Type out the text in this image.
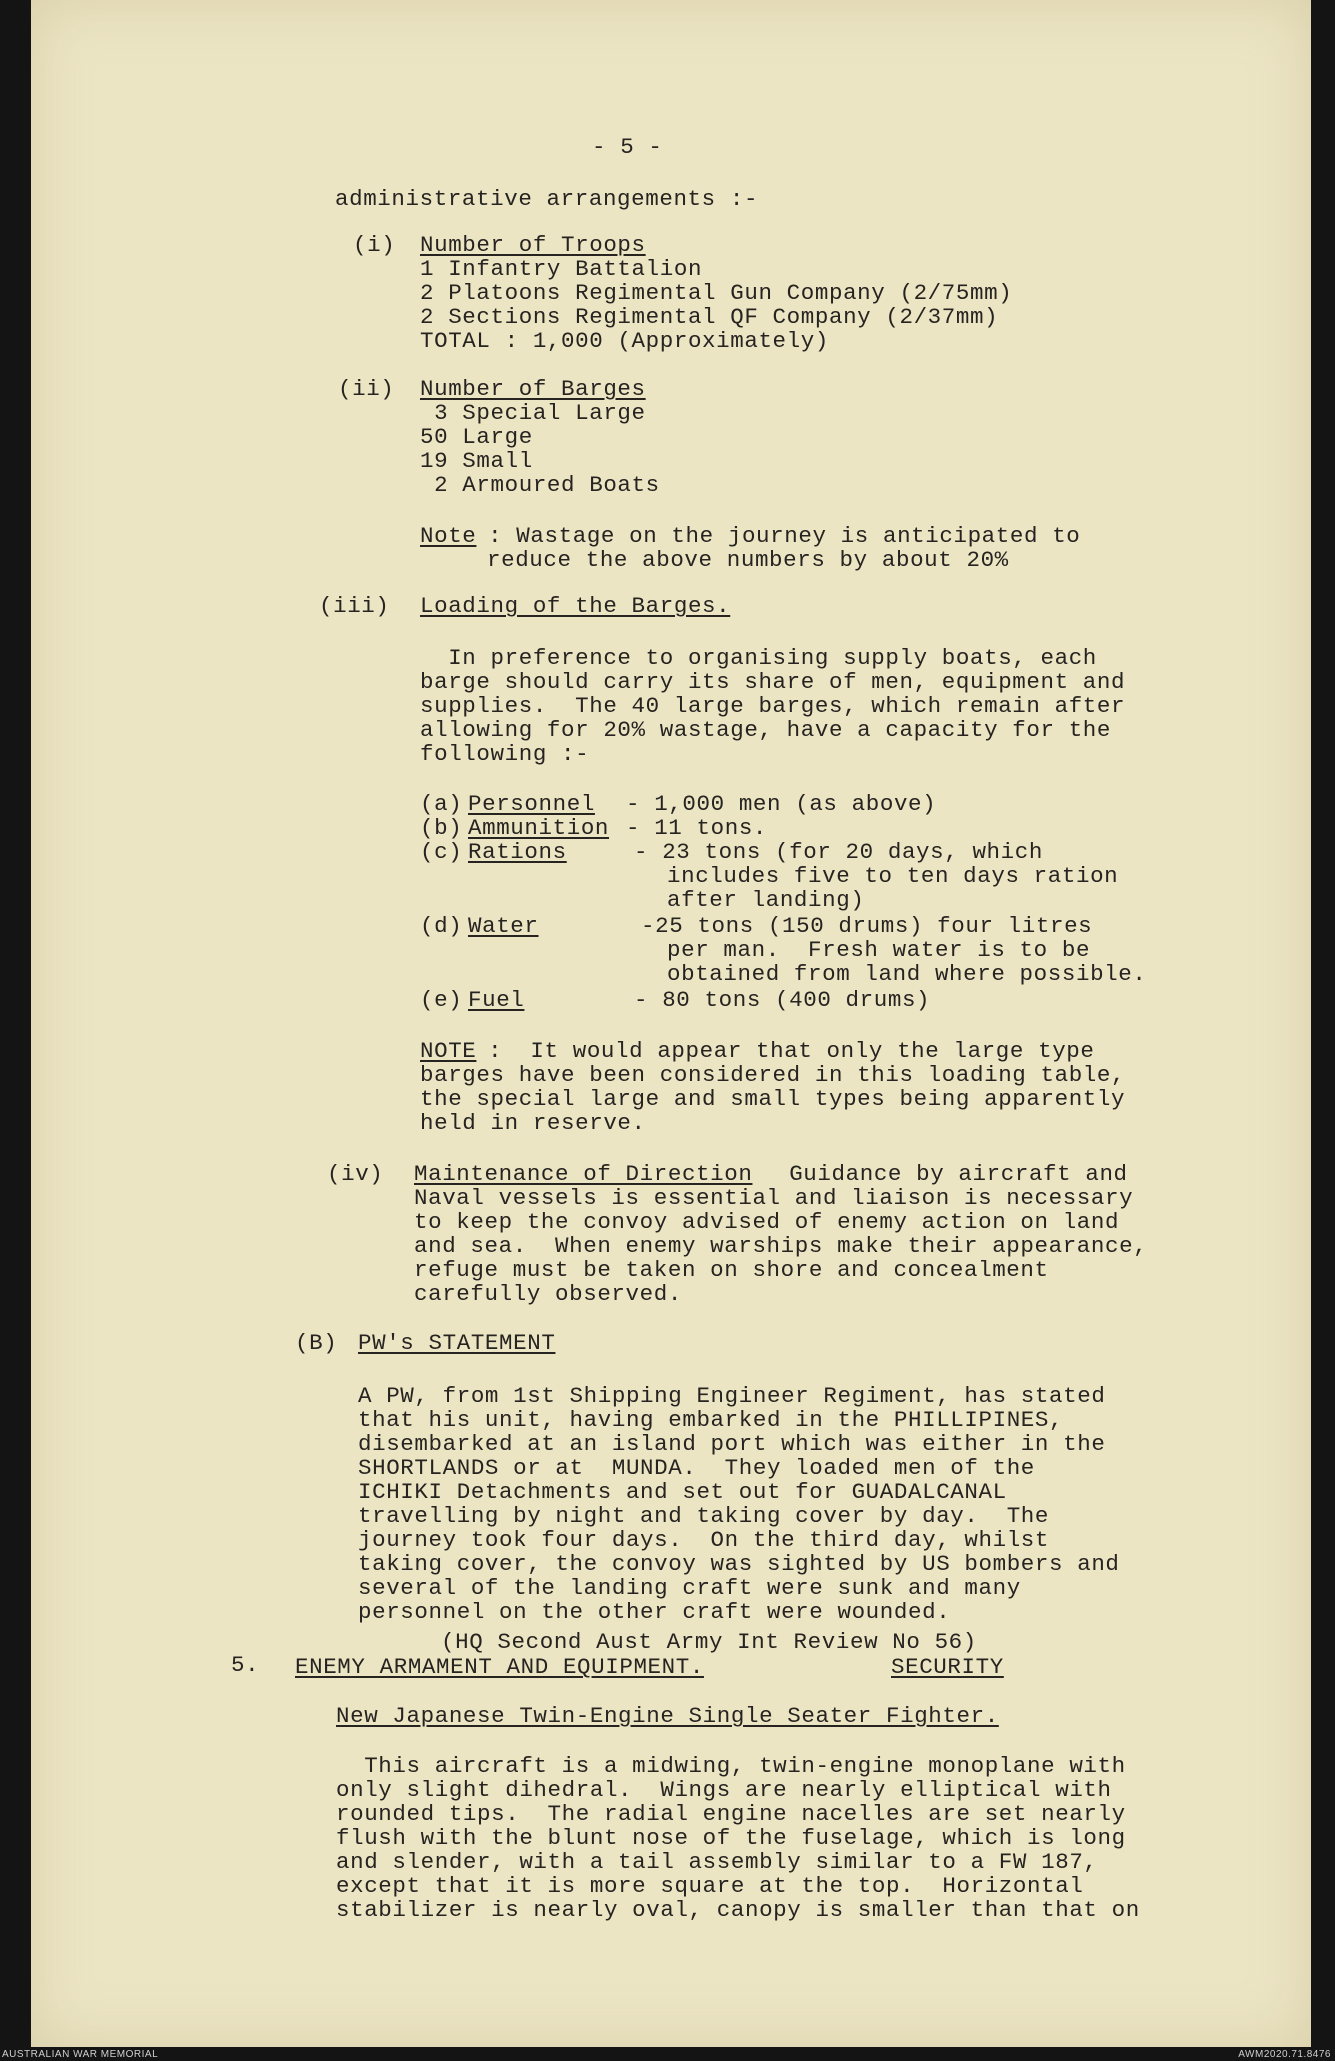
- 5 -
administrative arrangements :-
(i) Number of Troops
1 Infantry Battalion
2 Platoons Regimental Gun Company (2/75mm)
2 Sections Regimental QF Company (2/37mm)
TOTAL : 1,000 (Approximately)
(ii) Number of Barges
3 Special Large
50 Large
19 Small
2 Armoured Boats
Note
: Wastage on the journey is anticipated to
reduce the above numbers by about 20%
(iii) Loading of the Barges.
In preference to organising supply boats, each
barge should carry its share of men, equipment and
supplies.  The 40 large barges, which remain after
allowing for 20% wastage, have a capacity for the
following :-
(a) Personnel - 1,000 men (as above)
(b) Ammunition - 11 tons.
(c) Rations	- 23 tons (for 20 days, which
includes five to ten days ration
after landing)
(d) Water	-25 tons (150 drums) four litres
per man.  Fresh water is to be
obtained from land where possible.
(e) Fuel	- 80 tons (400 drums)
NOTE
:  It would appear that only the large type
barges have been considered in this loading table,
the special large and small types being apparently
held in reserve.
(iv) Maintenance of Direction Guidance by aircraft and
Naval vessels is essential and liaison is necessary
to keep the convoy advised of enemy action on land
and sea.  When enemy warships make their appearance,
refuge must be taken on shore and concealment
carefully observed.
(B) PW's STATEMENT
A PW, from 1st Shipping Engineer Regiment, has stated
that his unit, having embarked in the PHILLIPINES,
disembarked at an island port which was either in the
SHORTLANDS or at  MUNDA.  They loaded men of the
ICHIKI Detachments and set out for GUADALCANAL
travelling by night and taking cover by day.  The
journey took four days.  On the third day, whilst
taking cover, the convoy was sighted by US bombers and
several of the landing craft were sunk and many
personnel on the other craft were wounded.
(HQ Second Aust Army Int Review No 56)
5. ENEMY ARMAMENT AND EQUIPMENT.	SECURITY
New Japanese Twin-Engine Single Seater Fighter.
This aircraft is a midwing, twin-engine monoplane with
only slight dihedral.  Wings are nearly elliptical with
rounded tips.  The radial engine nacelles are set nearly
flush with the blunt nose of the fuselage, which is long
and slender, with a tail assembly similar to a FW 187,
except that it is more square at the top.  Horizontal
stabilizer is nearly oval, canopy is smaller than that on
AUSTRALIAN WAR MEMORIAL	AWM2020.71.8476
